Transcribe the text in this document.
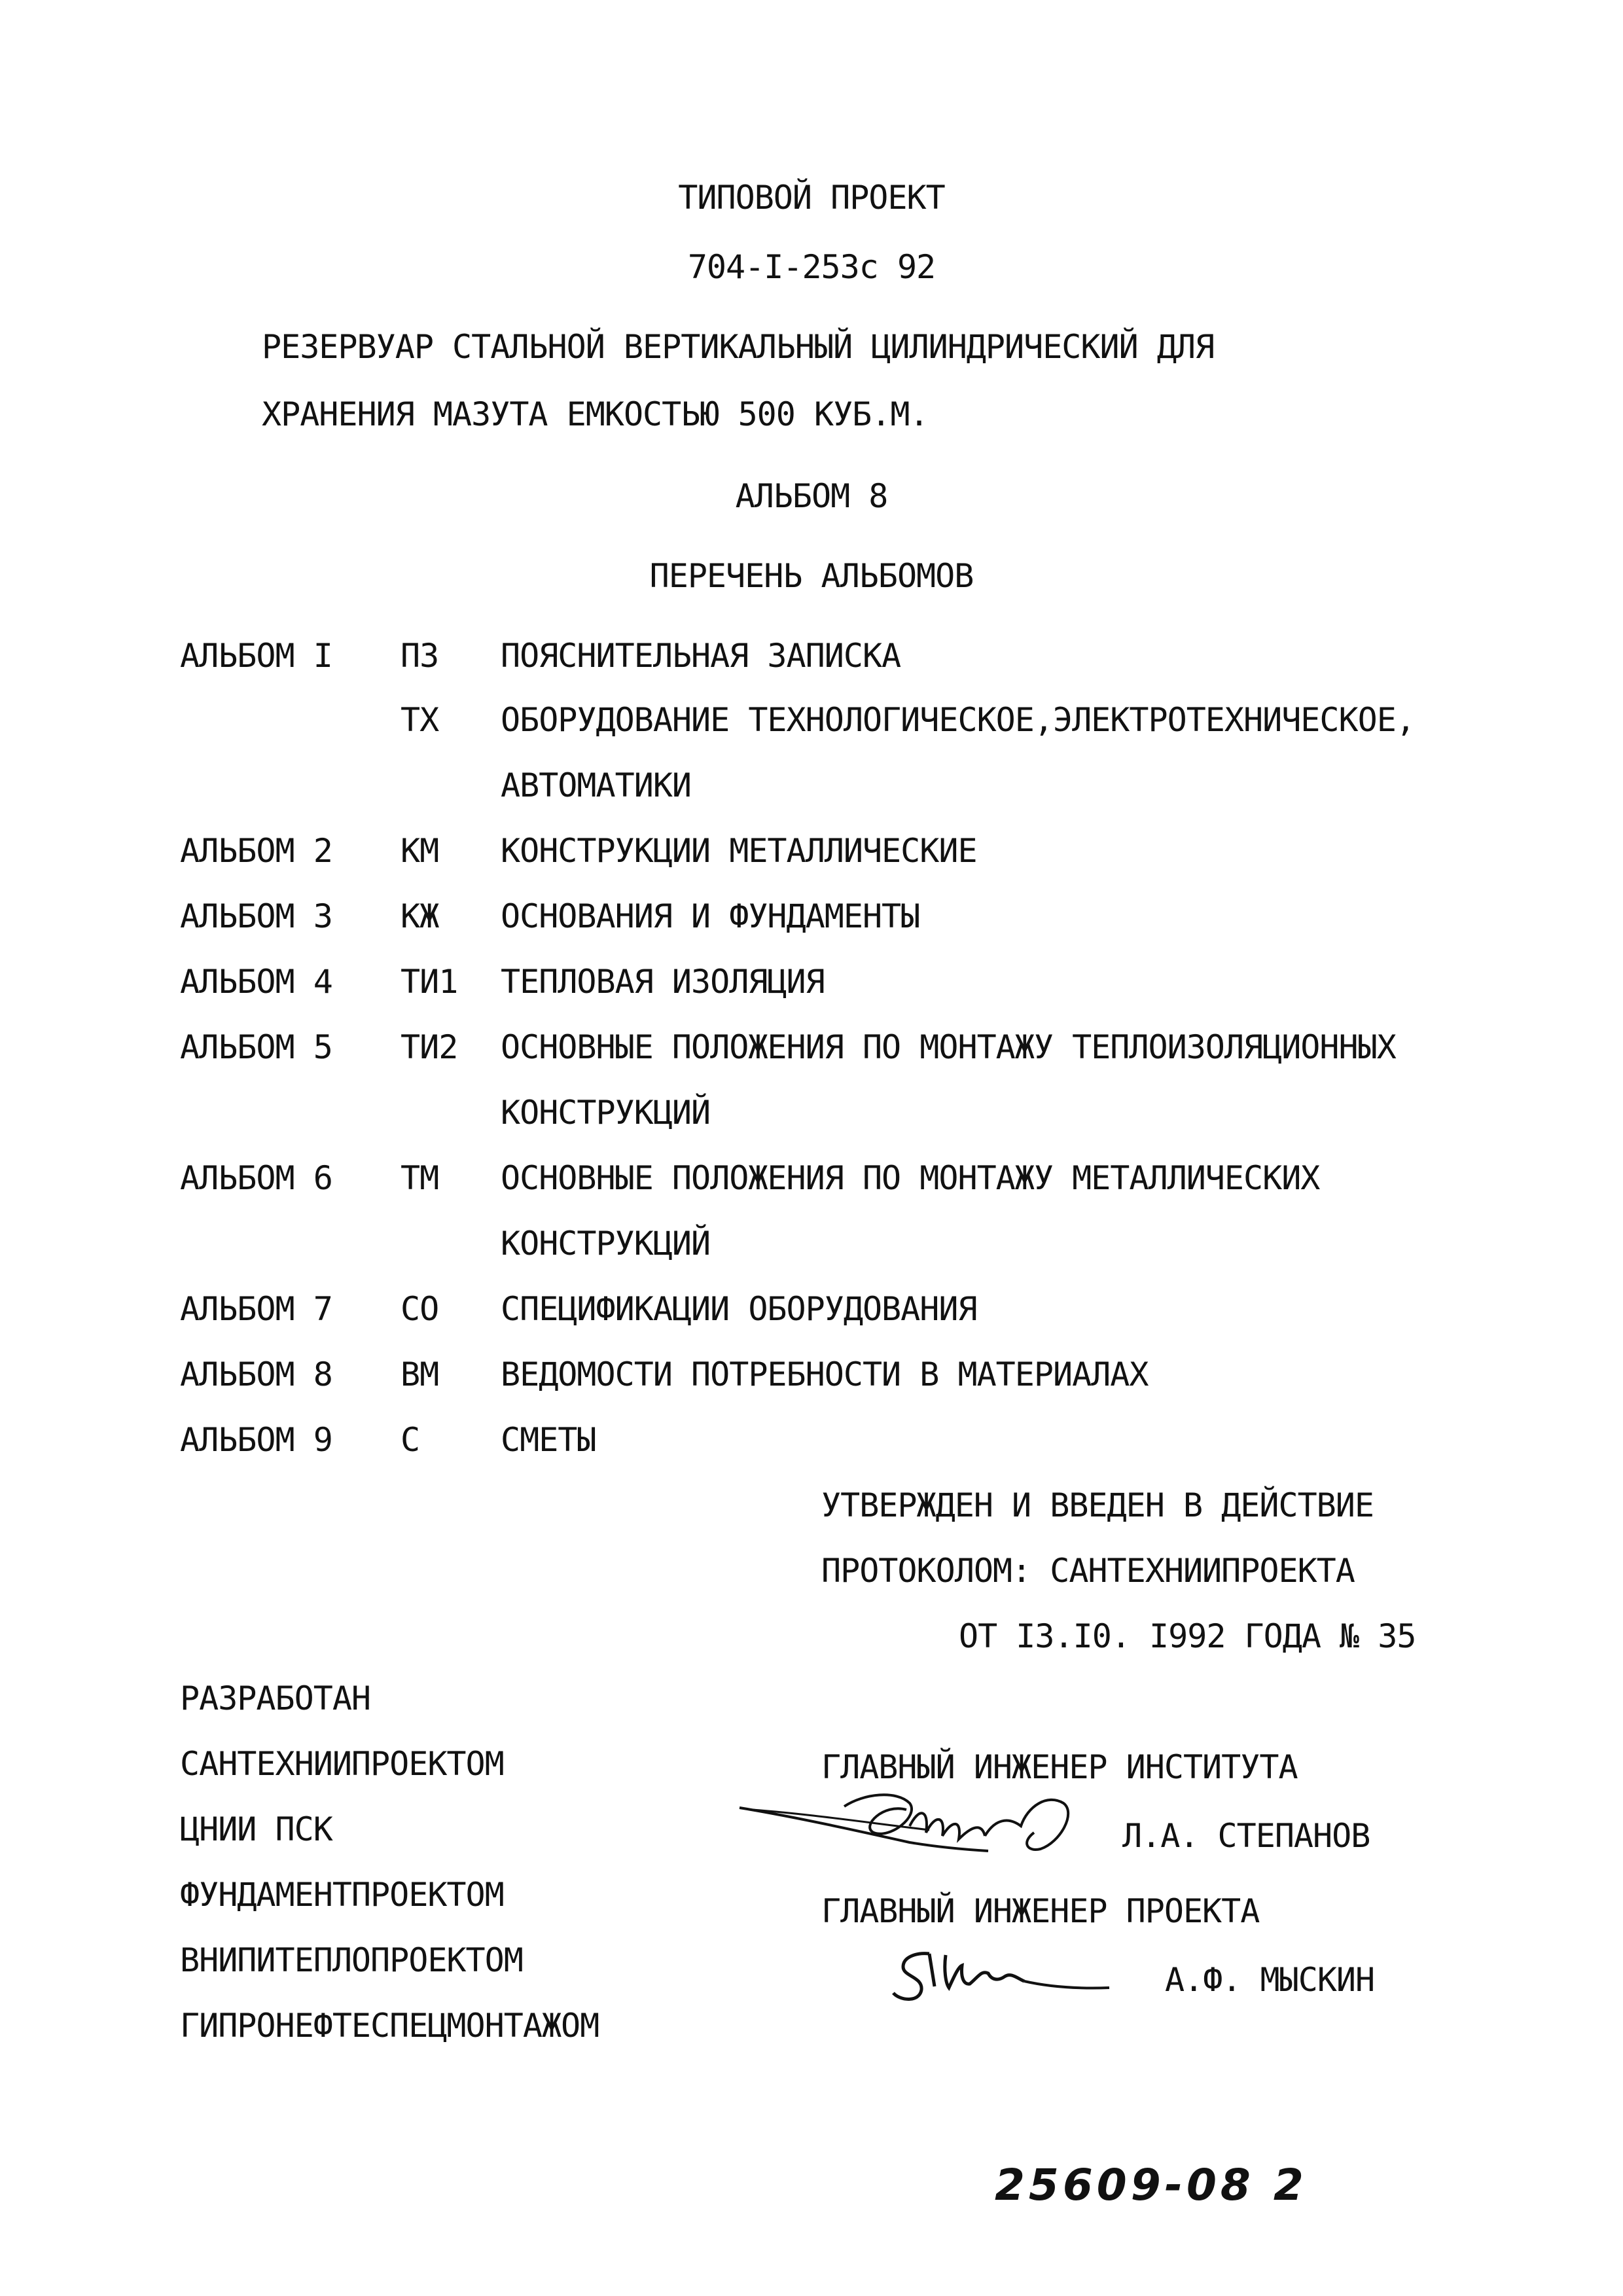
ТИПОВОЙ ПРОЕКТ
704-I-253с 92
РЕЗЕРВУАР СТАЛЬНОЙ ВЕРТИКАЛЬНЫЙ ЦИЛИНДРИЧЕСКИЙ ДЛЯ
ХРАНЕНИЯ МАЗУТА ЕМКОСТЬЮ 500 КУБ.М.
АЛЬБОМ 8
ПЕРЕЧЕНЬ АЛЬБОМОВ
АЛЬБОМ I ПЗ ПОЯСНИТЕЛЬНАЯ ЗАПИСКА
ТХ ОБОРУДОВАНИЕ ТЕХНОЛОГИЧЕСКОЕ,ЭЛЕКТРОТЕХНИЧЕСКОЕ,
АВТОМАТИКИ
АЛЬБОМ 2 КМ КОНСТРУКЦИИ МЕТАЛЛИЧЕСКИЕ
АЛЬБОМ 3 КЖ ОСНОВАНИЯ И ФУНДАМЕНТЫ
АЛЬБОМ 4 ТИ1 ТЕПЛОВАЯ ИЗОЛЯЦИЯ
АЛЬБОМ 5 ТИ2 ОСНОВНЫЕ ПОЛОЖЕНИЯ ПО МОНТАЖУ ТЕПЛОИЗОЛЯЦИОННЫХ
КОНСТРУКЦИЙ
АЛЬБОМ 6 ТМ ОСНОВНЫЕ ПОЛОЖЕНИЯ ПО МОНТАЖУ МЕТАЛЛИЧЕСКИХ
КОНСТРУКЦИЙ
АЛЬБОМ 7 СО СПЕЦИФИКАЦИИ ОБОРУДОВАНИЯ
АЛЬБОМ 8 ВМ ВЕДОМОСТИ ПОТРЕБНОСТИ В МАТЕРИАЛАХ
АЛЬБОМ 9 С СМЕТЫ
УТВЕРЖДЕН И ВВЕДЕН В ДЕЙСТВИЕ
ПРОТОКОЛОМ: САНТЕХНИИПРОЕКТА
ОТ I3.I0. I992 ГОДА № 35
РАЗРАБОТАН
САНТЕХНИИПРОЕКТОМ
ЦНИИ ПСК
ФУНДАМЕНТПРОЕКТОМ
ВНИПИТЕПЛОПРОЕКТОМ
ГИПРОНЕФТЕСПЕЦМОНТАЖОМ
ГЛАВНЫЙ ИНЖЕНЕР ИНСТИТУТА
Л.А. СТЕПАНОВ
ГЛАВНЫЙ ИНЖЕНЕР ПРОЕКТА
А.Ф. МЫСКИН
25609-08 2
